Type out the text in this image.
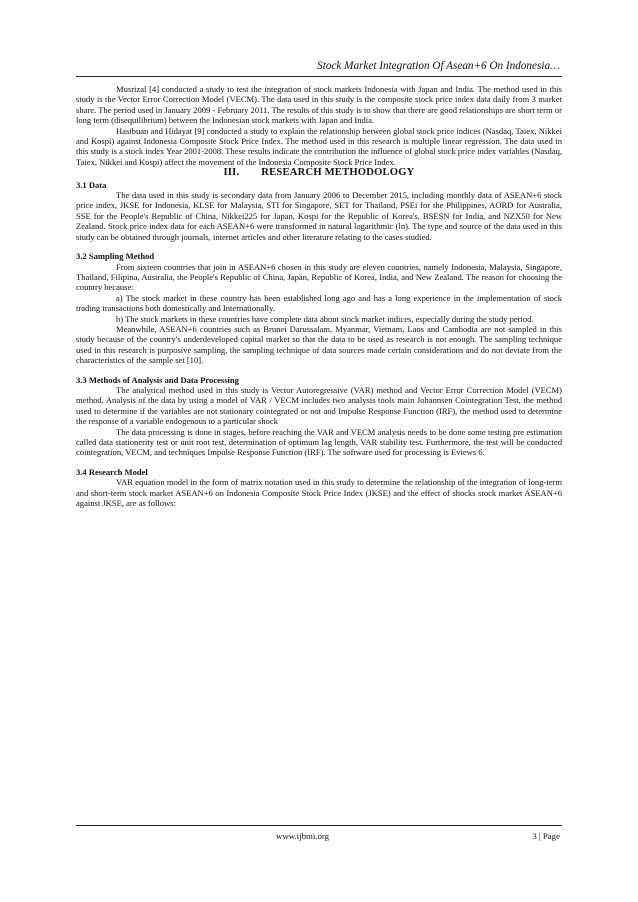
Stock Market Integration Of Asean+6 On Indonesia…

Musrizal [4] conducted a study to test the integration of stock markets Indonesia with Japan and India. The method used in this study is the Vector Error Correction Model (VECM). The data used in this study is the composite stock price index data daily from 3 market share. The period used in January 2009 - February 2011. The results of this study is to show that there are good relationships are short term or long term (disequilibrium) between the Indonesian stock markets with Japan and India.

Hasibuan and Hidayat [9] conducted a study to explain the relationship between global stock price indices (Nasdaq, Taiex, Nikkei and Kospi) against Indonesia Composite Stock Price Index. The method used in this research is multiple linear regression. The data used in this study is a stock index Year 2001-2008. These results indicate the contribution the influence of global stock price index variables (Nasdaq, Taiex, Nikkei and Kospi) affect the movement of the Indonesia Composite Stock Price Index.

III. RESEARCH METHODOLOGY

3.1 Data

The data used in this study is secondary data from January 2006 to December 2015, including monthly data of ASEAN+6 stock price index, JKSE for Indonesia, KLSE for Malaysia, STI for Singapore, SET for Thailand, PSEi for the Philippines, AORD for Australia, SSE for the People's Republic of China, Nikkei225 for Japan, Kospi for the Republic of Korea's, BSESN for India, and NZX50 for New Zealand. Stock price index data for each ASEAN+6 were transformed in natural logarithmic (ln). The type and source of the data used in this study can be obtained through journals, internet articles and other literature relating to the cases studied.

3.2 Sampling Method

From sixteen countries that join in ASEAN+6 chosen in this study are eleven countries, namely Indonesia, Malaysia, Singapore, Thailand, Filipina, Australia, the People's Republic of China, Japan, Republic of Korea, India, and New Zealand. The reason for choosing the country because:

a) The stock market in these country has been established long ago and has a long experience in the implementation of stock trading transactions both domestically and Internationally.

b) The stock markets in these countries have complete data about stock market indices, especially during the study period.

Meanwhile, ASEAN+6 countries such as Brunei Darussalam, Myanmar, Vietnam, Laos and Cambodia are not sampled in this study because of the country's underdeveloped capital market so that the data to be used as research is not enough. The sampling technique used in this research is purposive sampling, the sampling technique of data sources made certain considerations and do not deviate from the characteristics of the sample set [10].

3.3 Methods of Analysis and Data Processing

The analytical method used in this study is Vector Autoregressive (VAR) method and Vector Error Correction Model (VECM) method. Analysis of the data by using a model of VAR / VECM includes two analysis tools main Johannsen Cointegration Test, the method used to determine if the variables are not stationary cointegrated or not and Impulse Response Function (IRF), the method used to determine the response of a variable endogenous to a particular shock

The data processing is done in stages, before reaching the VAR and VECM analysis needs to be done some testing pre estimation called data stationerity test or unit root test, determination of optimum lag length, VAR stability test. Furthermore, the test will be conducted cointegration, VECM, and techniques Impulse Response Function (IRF). The software used for processing is Eviews 6.

3.4 Research Model

VAR equation model in the form of matrix notation used in this study to determine the relationship of the integration of long-term and short-term stock market ASEAN+6 on Indonesia Composite Stock Price Index (JKSE) and the effect of shocks stock market ASEAN+6 against JKSE, are as follows:

www.ijbmi.org	3 | Page
